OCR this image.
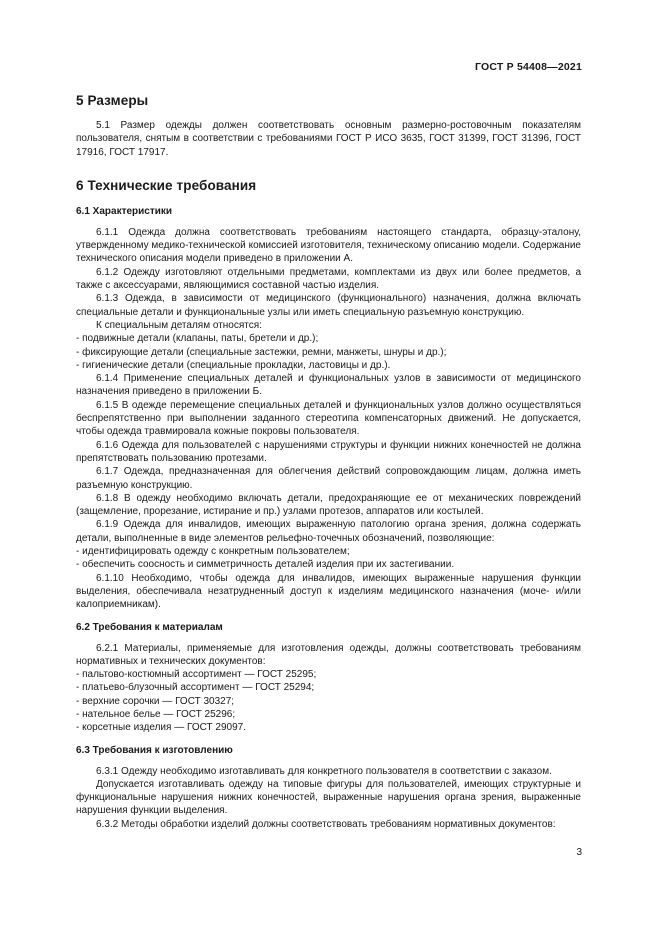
ГОСТ Р 54408—2021
5 Размеры

5.1 Размер одежды должен соответствовать основным размерно-ростовочным показателям пользователя, снятым в соответствии с требованиями ГОСТ Р ИСО 3635, ГОСТ 31399, ГОСТ 31396, ГОСТ 17916, ГОСТ 17917.

6 Технические требования
6.1 Характеристики

6.1.1 Одежда должна соответствовать требованиям настоящего стандарта, образцу-эталону, утвержденному медико-технической комиссией изготовителя, техническому описанию модели. Содержание технического описания модели приведено в приложении А.

6.1.2 Одежду изготовляют отдельными предметами, комплектами из двух или более предметов, а также с аксессуарами, являющимися составной частью изделия.

6.1.3 Одежда, в зависимости от медицинского (функционального) назначения, должна включать специальные детали и функциональные узлы или иметь специальную разъемную конструкцию.

К специальным деталям относятся:

- подвижные детали (клапаны, паты, бретели и др.);

- фиксирующие детали (специальные застежки, ремни, манжеты, шнуры и др.);

- гигиенические детали (специальные прокладки, ластовицы и др.).

6.1.4 Применение специальных деталей и функциональных узлов в зависимости от медицинского назначения приведено в приложении Б.

6.1.5 В одежде перемещение специальных деталей и функциональных узлов должно осуществляться беспрепятственно при выполнении заданного стереотипа компенсаторных движений. Не допускается, чтобы одежда травмировала кожные покровы пользователя.

6.1.6 Одежда для пользователей с нарушениями структуры и функции нижних конечностей не должна препятствовать пользованию протезами.

6.1.7 Одежда, предназначенная для облегчения действий сопровождающим лицам, должна иметь разъемную конструкцию.

6.1.8 В одежду необходимо включать детали, предохраняющие ее от механических повреждений (защемление, прорезание, истирание и пр.) узлами протезов, аппаратов или костылей.

6.1.9 Одежда для инвалидов, имеющих выраженную патологию органа зрения, должна содержать детали, выполненные в виде элементов рельефно-точечных обозначений, позволяющие:

- идентифицировать одежду с конкретным пользователем;

- обеспечить соосность и симметричность деталей изделия при их застегивании.

6.1.10 Необходимо, чтобы одежда для инвалидов, имеющих выраженные нарушения функции выделения, обеспечивала незатрудненный доступ к изделиям медицинского назначения (моче- и/или калоприемникам).

6.2 Требования к материалам

6.2.1 Материалы, применяемые для изготовления одежды, должны соответствовать требованиям нормативных и технических документов:

- пальтово-костюмный ассортимент — ГОСТ 25295;

- платьево-блузочный ассортимент — ГОСТ 25294;

- верхние сорочки — ГОСТ 30327;

- нательное белье — ГОСТ 25296;

- корсетные изделия — ГОСТ 29097.

6.3 Требования к изготовлению

6.3.1 Одежду необходимо изготавливать для конкретного пользователя в соответствии с заказом.

Допускается изготавливать одежду на типовые фигуры для пользователей, имеющих структурные и функциональные нарушения нижних конечностей, выраженные нарушения органа зрения, выраженные нарушения функции выделения.

6.3.2 Методы обработки изделий должны соответствовать требованиям нормативных документов:

3
